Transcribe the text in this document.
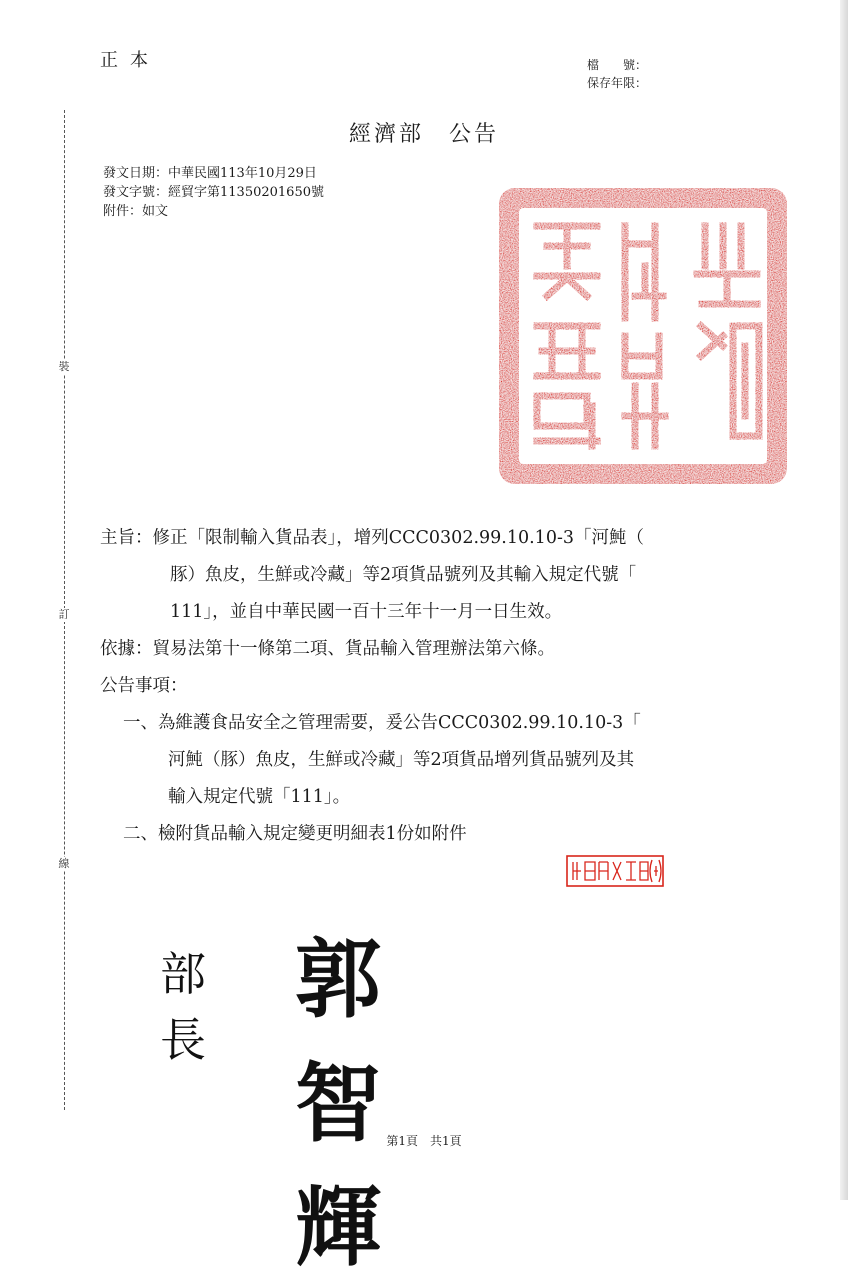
正本	檔　　號：
保存年限：
經濟部　公告
發文日期：中華民國113年10月29日
發文字號：經貿字第11350201650號
附件：如文
裝
訂
線
主旨：修正「限制輸入貨品表」，增列CCC0302.99.10.10-3「河魨（
豚）魚皮，生鮮或冷藏」等2項貨品號列及其輸入規定代號「
111」，並自中華民國一百十三年十一月一日生效。
依據：貿易法第十一條第二項、貨品輸入管理辦法第六條。
公告事項：
一、為維護食品安全之管理需要，爰公告CCC0302.99.10.10-3「
河魨（豚）魚皮，生鮮或冷藏」等2項貨品增列貨品號列及其
輸入規定代號「111」。
二、檢附貨品輸入規定變更明細表1份如附件
部長
郭智輝
第1頁 共1頁
